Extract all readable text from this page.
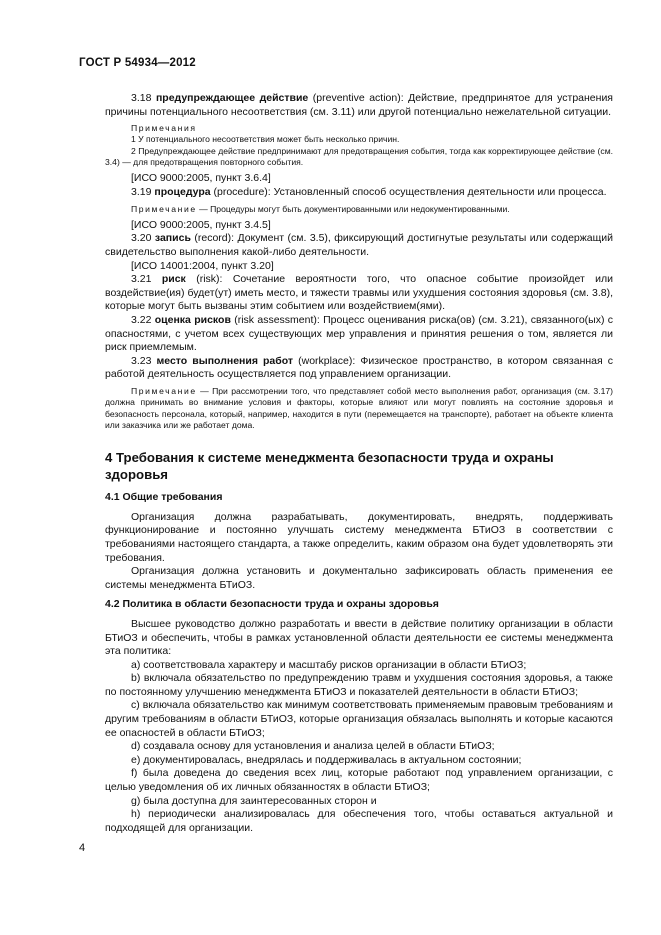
ГОСТ Р 54934—2012

3.18 предупреждающее действие (preventive action): Действие, предпринятое для устранения причины потенциального несоответствия (см. 3.11) или другой потенциально нежелательной ситуации.

Примечания

1 У потенциального несоответствия может быть несколько причин.

2 Предупреждающее действие предпринимают для предотвращения события, тогда как корректирующее действие (см. 3.4) — для предотвращения повторного события.

[ИСО 9000:2005, пункт 3.6.4]

3.19 процедура (procedure): Установленный способ осуществления деятельности или процесса.

Примечание — Процедуры могут быть документированными или недокументированными.

[ИСО 9000:2005, пункт 3.4.5]

3.20 запись (record): Документ (см. 3.5), фиксирующий достигнутые результаты или содержащий свидетельство выполнения какой-либо деятельности.

[ИСО 14001:2004, пункт 3.20]

3.21 риск (risk): Сочетание вероятности того, что опасное событие произойдет или воздействие(ия) будет(ут) иметь место, и тяжести травмы или ухудшения состояния здоровья (см. 3.8), которые могут быть вызваны этим событием или воздействием(ями).

3.22 оценка рисков (risk assessment): Процесс оценивания риска(ов) (см. 3.21), связанного(ых) с опасностями, с учетом всех существующих мер управления и принятия решения о том, является ли риск приемлемым.

3.23 место выполнения работ (workplace): Физическое пространство, в котором связанная с работой деятельность осуществляется под управлением организации.

Примечание — При рассмотрении того, что представляет собой место выполнения работ, организация (см. 3.17) должна принимать во внимание условия и факторы, которые влияют или могут повлиять на состояние здоровья и безопасность персонала, который, например, находится в пути (перемещается на транспорте), работает на объекте клиента или заказчика или же работает дома.

4 Требования к системе менеджмента безопасности труда и охраны здоровья

4.1 Общие требования

Организация должна разрабатывать, документировать, внедрять, поддерживать функционирование и постоянно улучшать систему менеджмента БТиОЗ в соответствии с требованиями настоящего стандарта, а также определить, каким образом она будет удовлетворять эти требования.

Организация должна установить и документально зафиксировать область применения ее системы менеджмента БТиОЗ.

4.2 Политика в области безопасности труда и охраны здоровья

Высшее руководство должно разработать и ввести в действие политику организации в области БТиОЗ и обеспечить, чтобы в рамках установленной области деятельности ее системы менеджмента эта политика:

a) соответствовала характеру и масштабу рисков организации в области БТиОЗ;

b) включала обязательство по предупреждению травм и ухудшения состояния здоровья, а также по постоянному улучшению менеджмента БТиОЗ и показателей деятельности в области БТиОЗ;

c) включала обязательство как минимум соответствовать применяемым правовым требованиям и другим требованиям в области БТиОЗ, которые организация обязалась выполнять и которые касаются ее опасностей в области БТиОЗ;

d) создавала основу для установления и анализа целей в области БТиОЗ;

e) документировалась, внедрялась и поддерживалась в актуальном состоянии;

f) была доведена до сведения всех лиц, которые работают под управлением организации, с целью уведомления об их личных обязанностях в области БТиОЗ;

g) была доступна для заинтересованных сторон и

h) периодически анализировалась для обеспечения того, чтобы оставаться актуальной и подходящей для организации.

4
